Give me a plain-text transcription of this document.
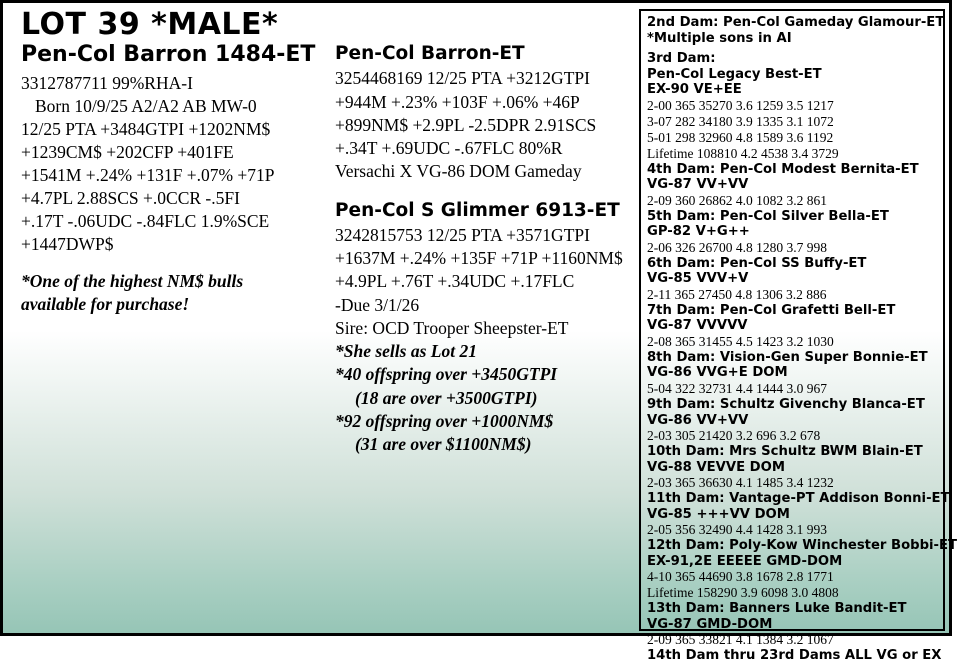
LOT 39 *MALE*
Pen-Col Barron 1484-ET
3312787711 99%RHA-I
Born 10/9/25 A2/A2 AB MW-0
12/25 PTA +3484GTPI +1202NM$
+1239CM$ +202CFP +401FE
+1541M +.24% +131F +.07% +71P
+4.7PL 2.88SCS +.0CCR -.5FI
+.17T -.06UDC -.84FLC 1.9%SCE
+1447DWP$
*One of the highest NM$ bulls
available for purchase!
Pen-Col Barron-ET
3254468169 12/25 PTA +3212GTPI
+944M +.23% +103F +.06% +46P
+899NM$ +2.9PL -2.5DPR 2.91SCS
+.34T +.69UDC -.67FLC 80%R
Versachi X VG-86 DOM Gameday
Pen-Col S Glimmer 6913-ET
3242815753 12/25 PTA +3571GTPI
+1637M +.24% +135F +71P +1160NM$
+4.9PL +.76T +.34UDC +.17FLC
-Due 3/1/26
Sire: OCD Trooper Sheepster-ET
*She sells as Lot 21
*40 offspring over +3450GTPI
(18 are over +3500GTPI)
*92 offspring over +1000NM$
(31 are over $1100NM$)
2nd Dam: Pen-Col Gameday Glamour-ET
*Multiple sons in AI
3rd Dam:
Pen-Col Legacy Best-ET
EX-90 VE+EE
2-00 365 35270 3.6 1259 3.5 1217
3-07 282 34180 3.9 1335 3.1 1072
5-01 298 32960 4.8 1589 3.6 1192
Lifetime 108810 4.2 4538 3.4 3729
4th Dam: Pen-Col Modest Bernita-ET
VG-87 VV+VV
2-09 360 26862 4.0 1082 3.2 861
5th Dam: Pen-Col Silver Bella-ET
GP-82 V+G++
2-06 326 26700 4.8 1280 3.7 998
6th Dam: Pen-Col SS Buffy-ET
VG-85 VVV+V
2-11 365 27450 4.8 1306 3.2 886
7th Dam: Pen-Col Grafetti Bell-ET
VG-87 VVVVV
2-08 365 31455 4.5 1423 3.2 1030
8th Dam: Vision-Gen Super Bonnie-ET
VG-86 VVG+E DOM
5-04 322 32731 4.4 1444 3.0 967
9th Dam: Schultz Givenchy Blanca-ET
VG-86 VV+VV
2-03 305 21420 3.2 696 3.2 678
10th Dam: Mrs Schultz BWM Blain-ET
VG-88 VEVVE DOM
2-03 365 36630 4.1 1485 3.4 1232
11th Dam: Vantage-PT Addison Bonni-ET
VG-85 +++VV DOM
2-05 356 32490 4.4 1428 3.1 993
12th Dam: Poly-Kow Winchester Bobbi-ET
EX-91,2E EEEEE GMD-DOM
4-10 365 44690 3.8 1678 2.8 1771
Lifetime 158290 3.9 6098 3.0 4808
13th Dam: Banners Luke Bandit-ET
VG-87 GMD-DOM
2-09 365 33821 4.1 1384 3.2 1067
14th Dam thru 23rd Dams ALL VG or EX
